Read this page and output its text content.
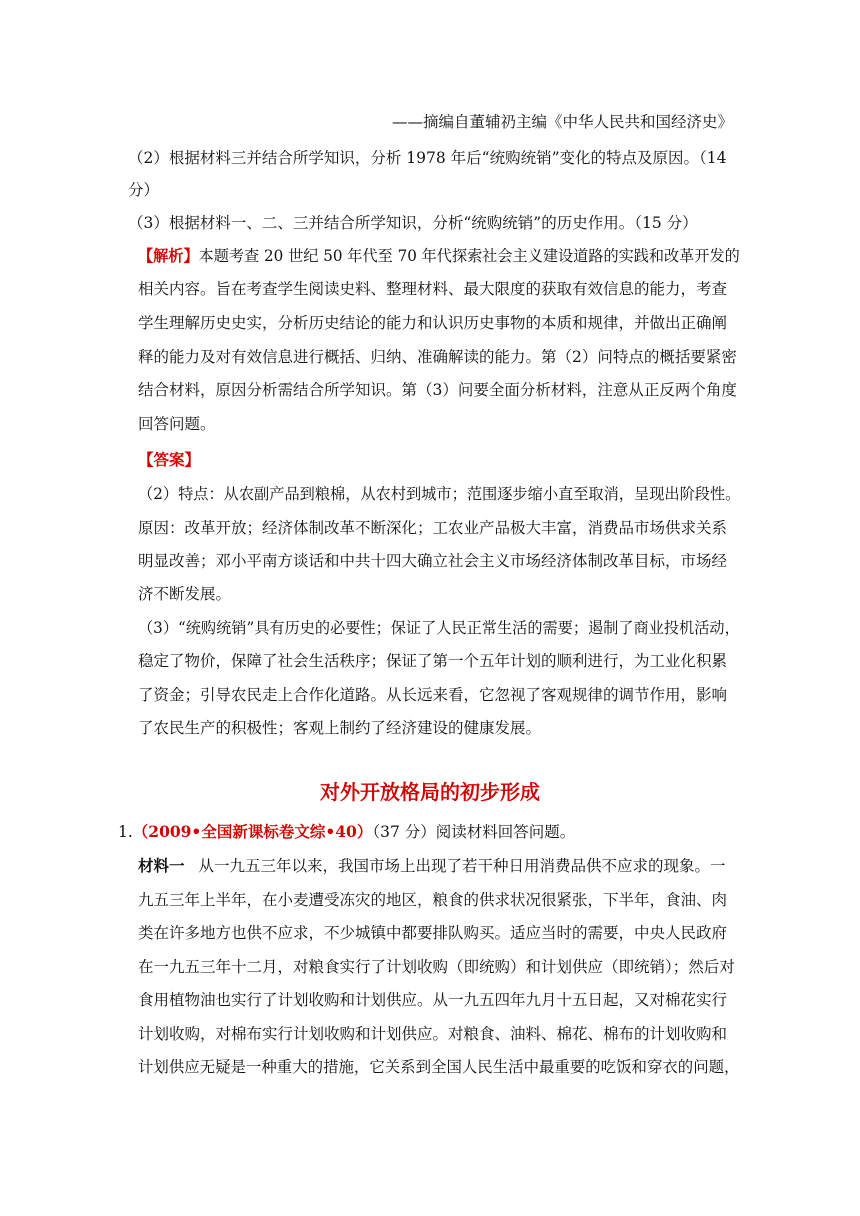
——摘编自董辅礽主编《中华人民共和国经济史》
（2）根据材料三并结合所学知识，分析 1978 年后“统购统销”变化的特点及原因。（14
分）
（3）根据材料一、二、三并结合所学知识，分析“统购统销”的历史作用。（15 分）
【解析】本题考查 20 世纪 50 年代至 70 年代探索社会主义建设道路的实践和改革开发的
相关内容。旨在考查学生阅读史料、整理材料、最大限度的获取有效信息的能力，考查
学生理解历史史实，分析历史结论的能力和认识历史事物的本质和规律，并做出正确阐
释的能力及对有效信息进行概括、归纳、准确解读的能力。第（2）问特点的概括要紧密
结合材料，原因分析需结合所学知识。第（3）问要全面分析材料，注意从正反两个角度
回答问题。
【答案】
（2）特点：从农副产品到粮棉，从农村到城市；范围逐步缩小直至取消，呈现出阶段性。
原因：改革开放；经济体制改革不断深化；工农业产品极大丰富，消费品市场供求关系
明显改善；邓小平南方谈话和中共十四大确立社会主义市场经济体制改革目标，市场经
济不断发展。
（3）“统购统销”具有历史的必要性；保证了人民正常生活的需要；遏制了商业投机活动，
稳定了物价，保障了社会生活秩序；保证了第一个五年计划的顺利进行，为工业化积累
了资金；引导农民走上合作化道路。从长远来看，它忽视了客观规律的调节作用，影响
了农民生产的积极性；客观上制约了经济建设的健康发展。
对外开放格局的初步形成
1.（2009•全国新课标卷文综•40）（37 分）阅读材料回答问题。
材料一 从一九五三年以来，我国市场上出现了若干种日用消费品供不应求的现象。一
九五三年上半年，在小麦遭受冻灾的地区，粮食的供求状况很紧张，下半年，食油、肉
类在许多地方也供不应求，不少城镇中都要排队购买。适应当时的需要，中央人民政府
在一九五三年十二月，对粮食实行了计划收购（即统购）和计划供应（即统销）；然后对
食用植物油也实行了计划收购和计划供应。从一九五四年九月十五日起，又对棉花实行
计划收购，对棉布实行计划收购和计划供应。对粮食、油料、棉花、棉布的计划收购和
计划供应无疑是一种重大的措施，它关系到全国人民生活中最重要的吃饭和穿衣的问题，
